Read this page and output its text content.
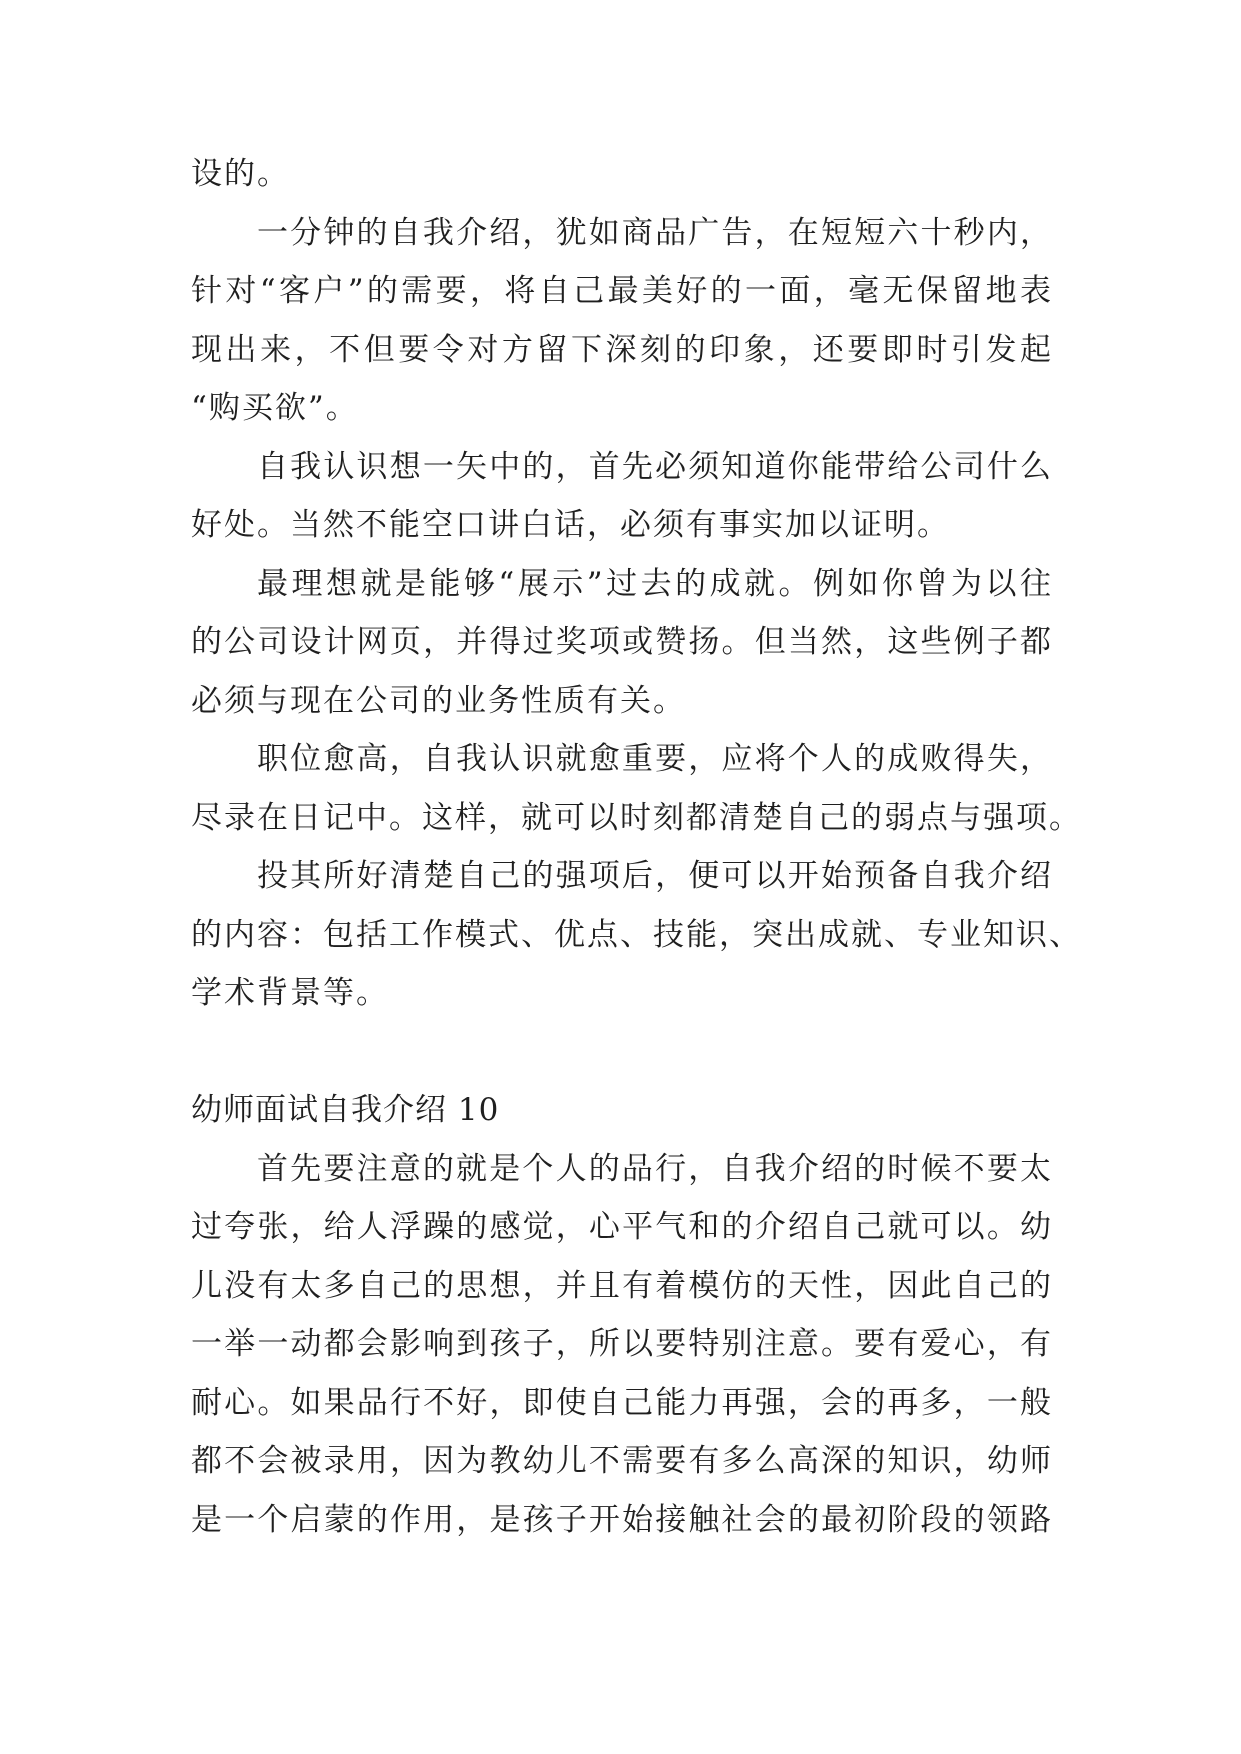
设的。
一分钟的自我介绍，犹如商品广告，在短短六十秒内，
针对“客户”的需要，将自己最美好的一面，毫无保留地表
现出来，不但要令对方留下深刻的印象，还要即时引发起
“购买欲”。
自我认识想一矢中的，首先必须知道你能带给公司什么
好处。当然不能空口讲白话，必须有事实加以证明。
最理想就是能够“展示”过去的成就。例如你曾为以往
的公司设计网页，并得过奖项或赞扬。但当然，这些例子都
必须与现在公司的业务性质有关。
职位愈高，自我认识就愈重要，应将个人的成败得失，
尽录在日记中。这样，就可以时刻都清楚自己的弱点与强项。
投其所好清楚自己的强项后，便可以开始预备自我介绍
的内容：包括工作模式、优点、技能，突出成就、专业知识、
学术背景等。
幼师面试自我介绍 10
首先要注意的就是个人的品行，自我介绍的时候不要太
过夸张，给人浮躁的感觉，心平气和的介绍自己就可以。幼
儿没有太多自己的思想，并且有着模仿的天性，因此自己的
一举一动都会影响到孩子，所以要特别注意。要有爱心，有
耐心。如果品行不好，即使自己能力再强，会的再多，一般
都不会被录用，因为教幼儿不需要有多么高深的知识，幼师
是一个启蒙的作用，是孩子开始接触社会的最初阶段的领路
